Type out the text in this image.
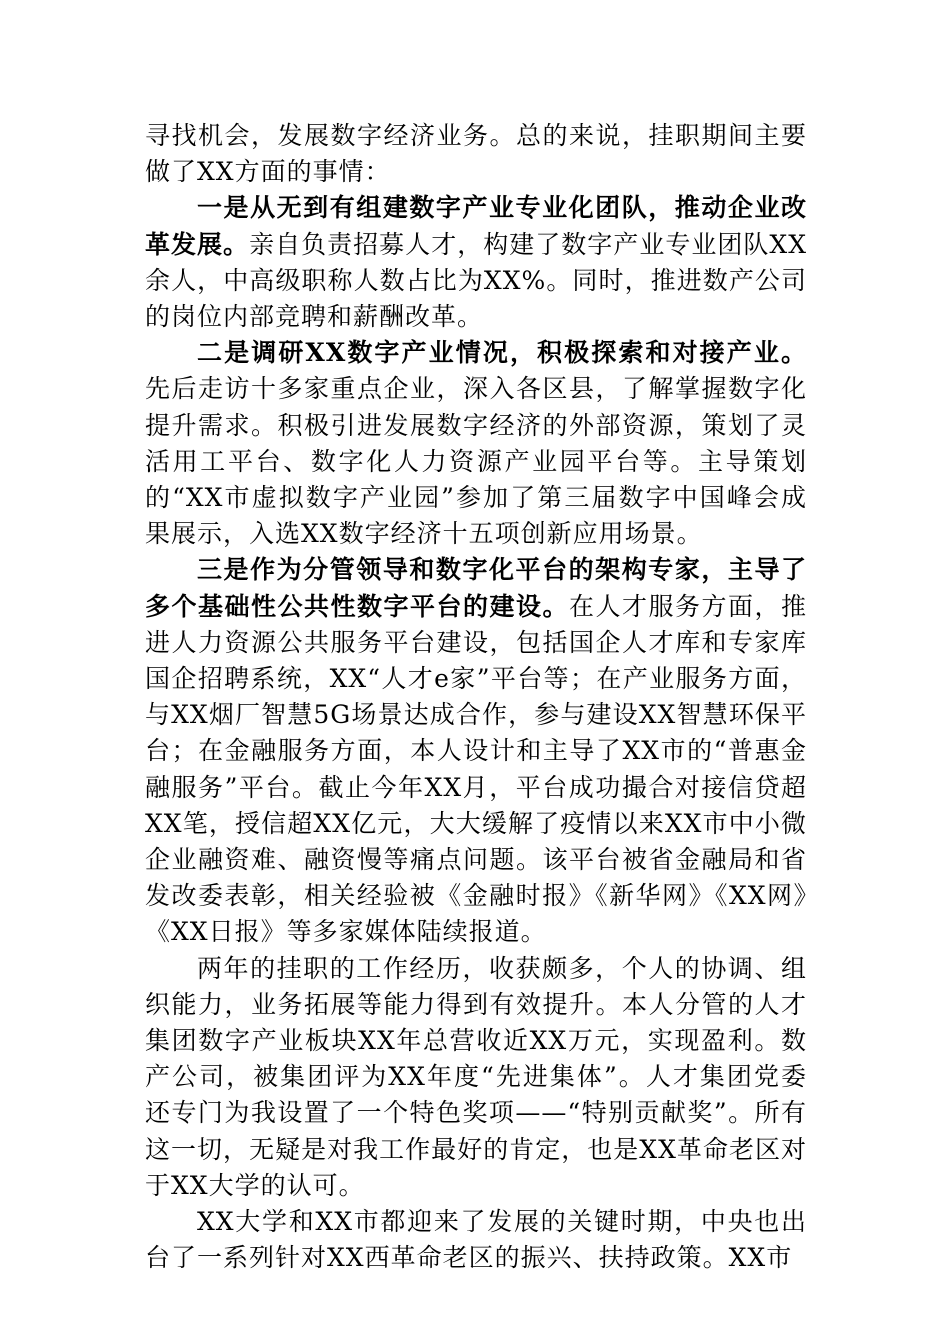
寻找机会，发展数字经济业务。总的来说，挂职期间主要做了XX方面的事情：

一是从无到有组建数字产业专业化团队，推动企业改革发展。亲自负责招募人才，构建了数字产业专业团队XX余人，中高级职称人数占比为XX%。同时，推进数产公司的岗位内部竞聘和薪酬改革。

二是调研XX数字产业情况，积极探索和对接产业。先后走访十多家重点企业，深入各区县，了解掌握数字化提升需求。积极引进发展数字经济的外部资源，策划了灵活用工平台、数字化人力资源产业园平台等。主导策划的“XX市虚拟数字产业园”参加了第三届数字中国峰会成果展示，入选XX数字经济十五项创新应用场景。

三是作为分管领导和数字化平台的架构专家，主导了多个基础性公共性数字平台的建设。在人才服务方面，推进人力资源公共服务平台建设，包括国企人才库和专家库国企招聘系统，XX“人才e家”平台等；在产业服务方面，与XX烟厂智慧5G场景达成合作，参与建设XX智慧环保平台；在金融服务方面，本人设计和主导了XX市的“普惠金融服务”平台。截止今年XX月，平台成功撮合对接信贷超XX笔，授信超XX亿元，大大缓解了疫情以来XX市中小微企业融资难、融资慢等痛点问题。该平台被省金融局和省发改委表彰，相关经验被《金融时报》《新华网》《XX网》《XX日报》等多家媒体陆续报道。

两年的挂职的工作经历，收获颇多，个人的协调、组织能力，业务拓展等能力得到有效提升。本人分管的人才集团数字产业板块XX年总营收近XX万元，实现盈利。数产公司，被集团评为XX年度“先进集体”。人才集团党委还专门为我设置了一个特色奖项——“特别贡献奖”。所有这一切，无疑是对我工作最好的肯定，也是XX革命老区对于XX大学的认可。

XX大学和XX市都迎来了发展的关键时期，中央也出台了一系列针对XX西革命老区的振兴、扶持政策。XX市
